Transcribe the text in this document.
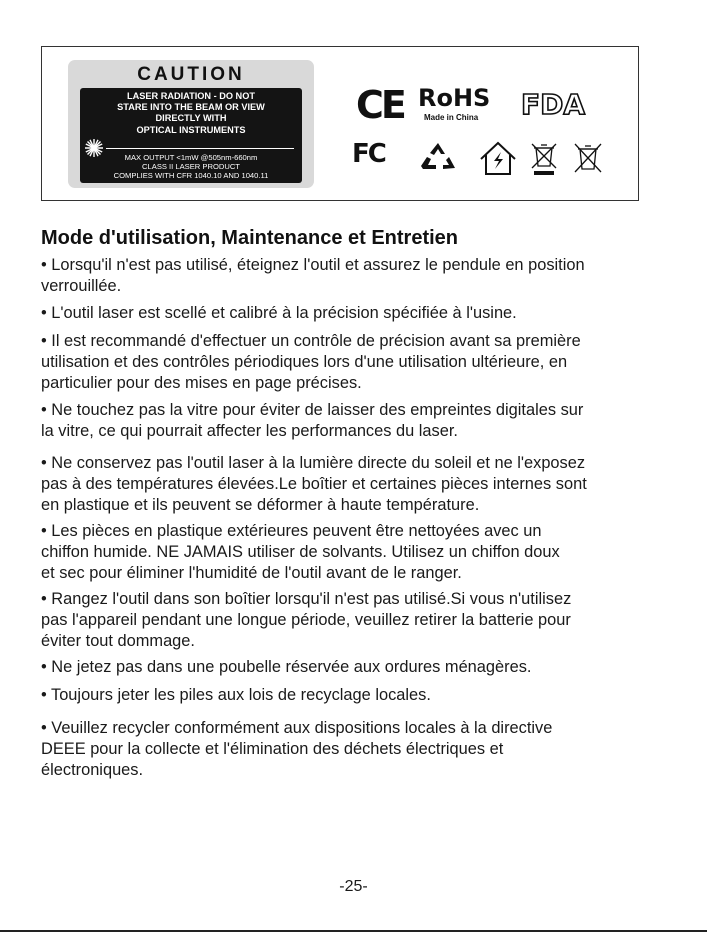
CAUTION
LASER RADIATION - DO NOT
STARE INTO THE BEAM OR VIEW
DIRECTLY WITH
OPTICAL INSTRUMENTS
MAX OUTPUT <1mW @505nm-660nm
CLASS II LASER PRODUCT
COMPLIES WITH CFR 1040.10 AND 1040.11
CE RoHS
Made in China FDA
FC
Mode d'utilisation, Maintenance et Entretien

• Lorsqu'il n'est pas utilisé, éteignez l'outil et assurez le pendule en position
verrouillée.

• L'outil laser est scellé et calibré à la précision spécifiée à l'usine.

• Il est recommandé d'effectuer un contrôle de précision avant sa première
utilisation et des contrôles périodiques lors d'une utilisation ultérieure, en
particulier pour des mises en page précises.

• Ne touchez pas la vitre pour éviter de laisser des empreintes digitales sur
la vitre, ce qui pourrait affecter les performances du laser.

• Ne conservez pas l'outil laser à la lumière directe du soleil et ne l'exposez
pas à des températures élevées.Le boîtier et certaines pièces internes sont
en plastique et ils peuvent se déformer à haute température.

• Les pièces en plastique extérieures peuvent être nettoyées avec un
chiffon humide. NE JAMAIS utiliser de solvants. Utilisez un chiffon doux
et sec pour éliminer l'humidité de l'outil avant de le ranger.

• Rangez l'outil dans son boîtier lorsqu'il n'est pas utilisé.Si vous n'utilisez
pas l'appareil pendant une longue période, veuillez retirer la batterie pour
éviter tout dommage.

• Ne jetez pas dans une poubelle réservée aux ordures ménagères.

• Toujours jeter les piles aux lois de recyclage locales.

• Veuillez recycler conformément aux dispositions locales à la directive
DEEE pour la collecte et l'élimination des déchets électriques et
électroniques.

-25-
